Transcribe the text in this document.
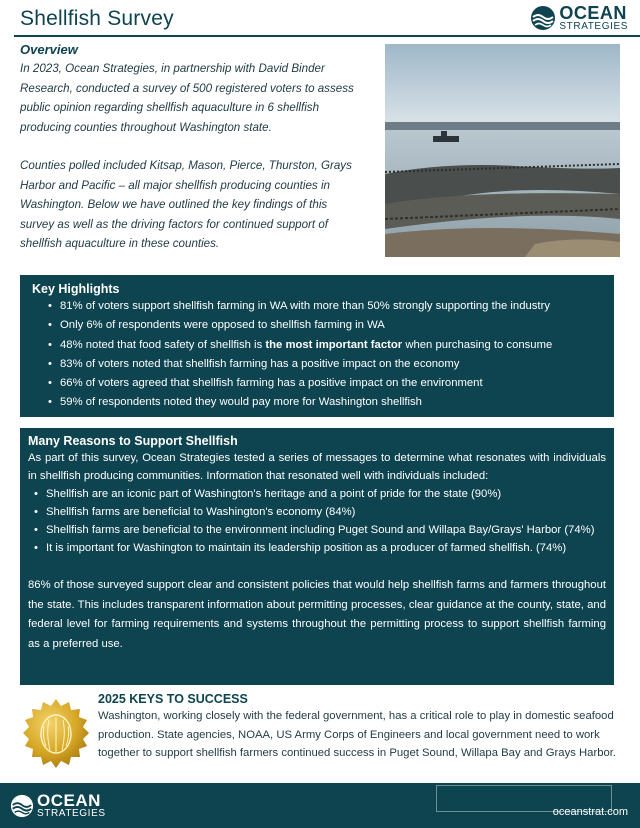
Shellfish Survey	OCEAN
STRATEGIES
Overview

In 2023, Ocean Strategies, in partnership with David Binder Research, conducted a survey of 500 registered voters to assess public opinion regarding shellfish aquaculture in 6 shellfish producing counties throughout Washington state.

Counties polled included Kitsap, Mason, Pierce, Thurston, Grays Harbor and Pacific – all major shellfish producing counties in Washington. Below we have outlined the key findings of this survey as well as the driving factors for continued support of shellfish aquaculture in these counties.

Key Highlights
• 81% of voters support shellfish farming in WA with more than 50% strongly supporting the industry
• Only 6% of respondents were opposed to shellfish farming in WA
• 48% noted that food safety of shellfish is the most important factor when purchasing to consume
• 83% of voters noted that shellfish farming has a positive impact on the economy
• 66% of voters agreed that shellfish farming has a positive impact on the environment
• 59% of respondents noted they would pay more for Washington shellfish
Many Reasons to Support Shellfish
As part of this survey, Ocean Strategies tested a series of messages to determine what resonates with individuals in shellfish producing communities. Information that resonated well with individuals included:
• Shellfish are an iconic part of Washington's heritage and a point of pride for the state (90%)
• Shellfish farms are beneficial to Washington's economy (84%)
• Shellfish farms are beneficial to the environment including Puget Sound and Willapa Bay/Grays' Harbor (74%)
• It is important for Washington to maintain its leadership position as a producer of farmed shellfish. (74%)
86% of those surveyed support clear and consistent policies that would help shellfish farms and farmers throughout the state. This includes transparent information about permitting processes, clear guidance at the county, state, and federal level for farming requirements and systems throughout the permitting process to support shellfish farming as a preferred use.
2025 KEYS TO SUCCESS

Washington, working closely with the federal government, has a critical role to play in domestic seafood production. State agencies, NOAA, US Army Corps of Engineers and local government need to work together to support shellfish farmers continued success in Puget Sound, Willapa Bay and Grays Harbor.

OCEAN
STRATEGIES	oceanstrat.com
